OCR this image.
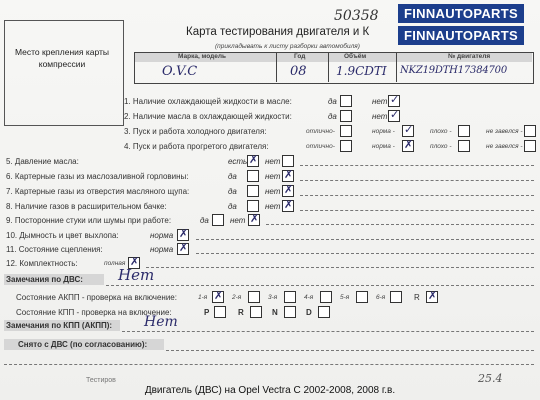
Место крепления карты компрессии
50358
Карта тестирования двигателя и К
(прикладывать к листу разборки автомобиля)
FINNAUTOPARTS
FINNAUTOPARTS
Марка, модель	Год	Объём	№ двигателя
O.V.C	08 1.9CDTI NKZ19DTH17384700
1. Наличие охлаждающей жидкости в масле:	да	нет ✓
2. Наличие масла в охлаждающей жидкости:	да	нет ✓
3. Пуск и работа холодного двигателя:	отлично-	норма - ✓	плохо -	не завелся -
4. Пуск и работа прогретого двигателя:	отлично-	норма - ✗	плохо -	не завелся -
5. Давление масла:	есть ✗ нет
6. Картерные газы из маслозаливной горловины:	да	нет ✗
7. Картерные газы из отверстия масляного щупа:	да	нет ✗
8. Наличие газов в расширительном бачке:	да	нет ✗
9. Посторонние стуки или шумы при работе:	да	нет ✗
10. Дымность и цвет выхлопа:	норма ✗
11. Состояние сцепления:	норма ✗
12. Комплектность:	полная ✗
Замечания по ДВС: Нет
Состояние АКПП - проверка на включение:	1-я ✗ 2-я	3-я	4-я	5-я	6-я	R ✗
Состояние КПП - проверка на включение:	P	R	N	D
Замечания по КПП (АКПП): Нет
Снято с ДВС (по согласованию):
Тестиров	25.4
Двигатель (ДВС) на Opel Vectra C 2002-2008, 2008 г.в.
